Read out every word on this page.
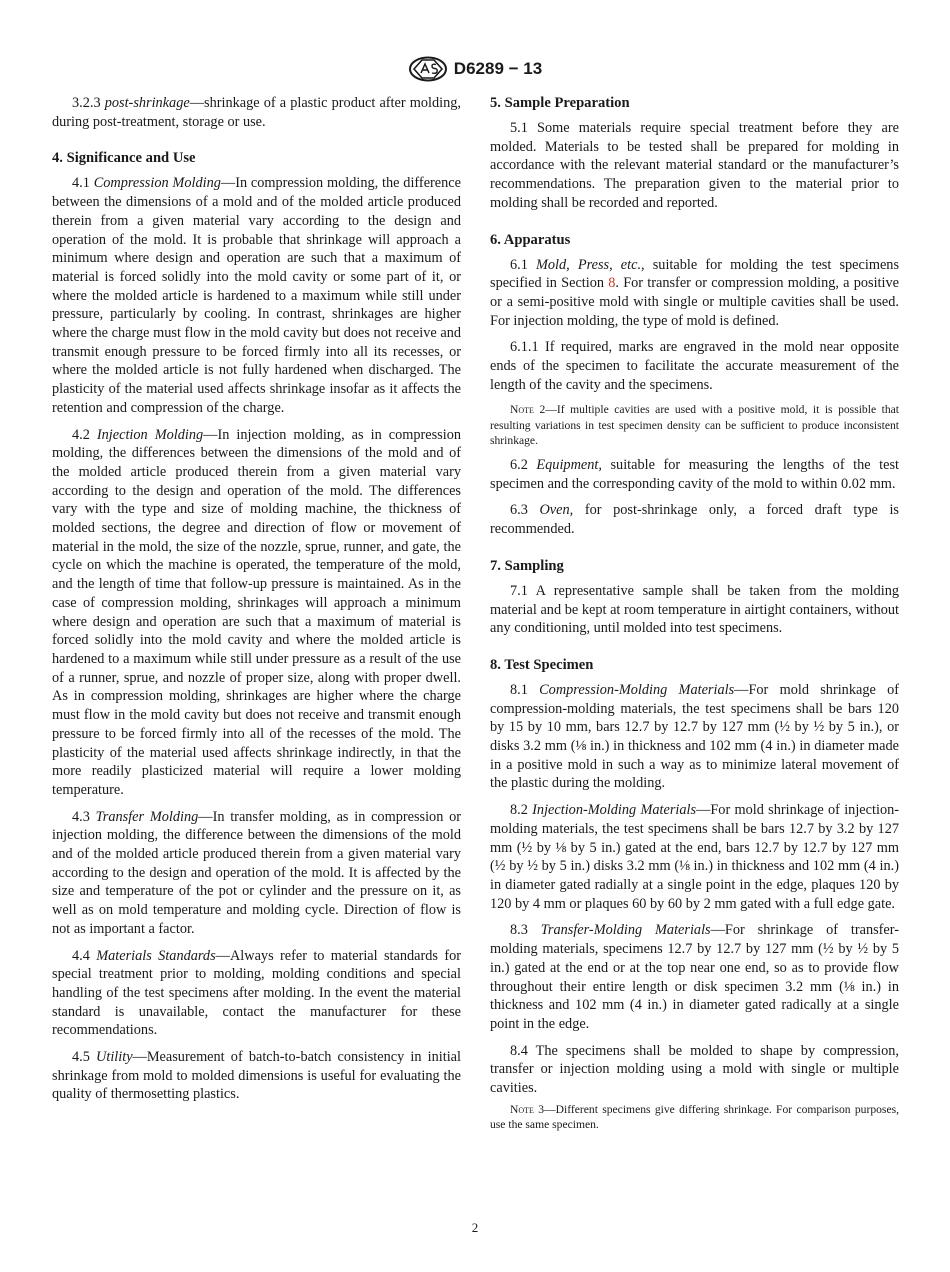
D6289 − 13

3.2.3 post-shrinkage—shrinkage of a plastic product after molding, during post-treatment, storage or use.

4. Significance and Use

4.1 Compression Molding—In compression molding, the difference between the dimensions of a mold and of the molded article produced therein from a given material vary according to the design and operation of the mold. It is probable that shrinkage will approach a minimum where design and operation are such that a maximum of material is forced solidly into the mold cavity or some part of it, or where the molded article is hardened to a maximum while still under pressure, particularly by cooling. In contrast, shrinkages are higher where the charge must flow in the mold cavity but does not receive and transmit enough pressure to be forced firmly into all its recesses, or where the molded article is not fully hardened when discharged. The plasticity of the material used affects shrinkage insofar as it affects the retention and compression of the charge.

4.2 Injection Molding—In injection molding, as in compression molding, the differences between the dimensions of the mold and of the molded article produced therein from a given material vary according to the design and operation of the mold. The differences vary with the type and size of molding machine, the thickness of molded sections, the degree and direction of flow or movement of material in the mold, the size of the nozzle, sprue, runner, and gate, the cycle on which the machine is operated, the temperature of the mold, and the length of time that follow-up pressure is maintained. As in the case of compression molding, shrinkages will approach a minimum where design and operation are such that a maximum of material is forced solidly into the mold cavity and where the molded article is hardened to a maximum while still under pressure as a result of the use of a runner, sprue, and nozzle of proper size, along with proper dwell. As in compression molding, shrinkages are higher where the charge must flow in the mold cavity but does not receive and transmit enough pressure to be forced firmly into all of the recesses of the mold. The plasticity of the material used affects shrinkage indirectly, in that the more readily plasticized material will require a lower molding temperature.

4.3 Transfer Molding—In transfer molding, as in compression or injection molding, the difference between the dimensions of the mold and of the molded article produced therein from a given material vary according to the design and operation of the mold. It is affected by the size and temperature of the pot or cylinder and the pressure on it, as well as on mold temperature and molding cycle. Direction of flow is not as important a factor.

4.4 Materials Standards—Always refer to material standards for special treatment prior to molding, molding conditions and special handling of the test specimens after molding. In the event the material standard is unavailable, contact the manufacturer for these recommendations.

4.5 Utility—Measurement of batch-to-batch consistency in initial shrinkage from mold to molded dimensions is useful for evaluating the quality of thermosetting plastics.

5. Sample Preparation

5.1 Some materials require special treatment before they are molded. Materials to be tested shall be prepared for molding in accordance with the relevant material standard or the manufacturer’s recommendations. The preparation given to the material prior to molding shall be recorded and reported.

6. Apparatus

6.1 Mold, Press, etc., suitable for molding the test specimens specified in Section 8. For transfer or compression molding, a positive or a semi-positive mold with single or multiple cavities shall be used. For injection molding, the type of mold is defined.

6.1.1 If required, marks are engraved in the mold near opposite ends of the specimen to facilitate the accurate measurement of the length of the cavity and the specimens.

Note 2—If multiple cavities are used with a positive mold, it is possible that resulting variations in test specimen density can be sufficient to produce inconsistent shrinkage.

6.2 Equipment, suitable for measuring the lengths of the test specimen and the corresponding cavity of the mold to within 0.02 mm.

6.3 Oven, for post-shrinkage only, a forced draft type is recommended.

7. Sampling

7.1 A representative sample shall be taken from the molding material and be kept at room temperature in airtight containers, without any conditioning, until molded into test specimens.

8. Test Specimen

8.1 Compression-Molding Materials—For mold shrinkage of compression-molding materials, the test specimens shall be bars 120 by 15 by 10 mm, bars 12.7 by 12.7 by 127 mm (½ by ½ by 5 in.), or disks 3.2 mm (⅛ in.) in thickness and 102 mm (4 in.) in diameter made in a positive mold in such a way as to minimize lateral movement of the plastic during the molding.

8.2 Injection-Molding Materials—For mold shrinkage of injection-molding materials, the test specimens shall be bars 12.7 by 3.2 by 127 mm (½ by ⅛ by 5 in.) gated at the end, bars 12.7 by 12.7 by 127 mm (½ by ½ by 5 in.) disks 3.2 mm (⅛ in.) in thickness and 102 mm (4 in.) in diameter gated radially at a single point in the edge, plaques 120 by 120 by 4 mm or plaques 60 by 60 by 2 mm gated with a full edge gate.

8.3 Transfer-Molding Materials—For shrinkage of transfer-molding materials, specimens 12.7 by 12.7 by 127 mm (½ by ½ by 5 in.) gated at the end or at the top near one end, so as to provide flow throughout their entire length or disk specimen 3.2 mm (⅛ in.) in thickness and 102 mm (4 in.) in diameter gated radically at a single point in the edge.

8.4 The specimens shall be molded to shape by compression, transfer or injection molding using a mold with single or multiple cavities.

Note 3—Different specimens give differing shrinkage. For comparison purposes, use the same specimen.

2
